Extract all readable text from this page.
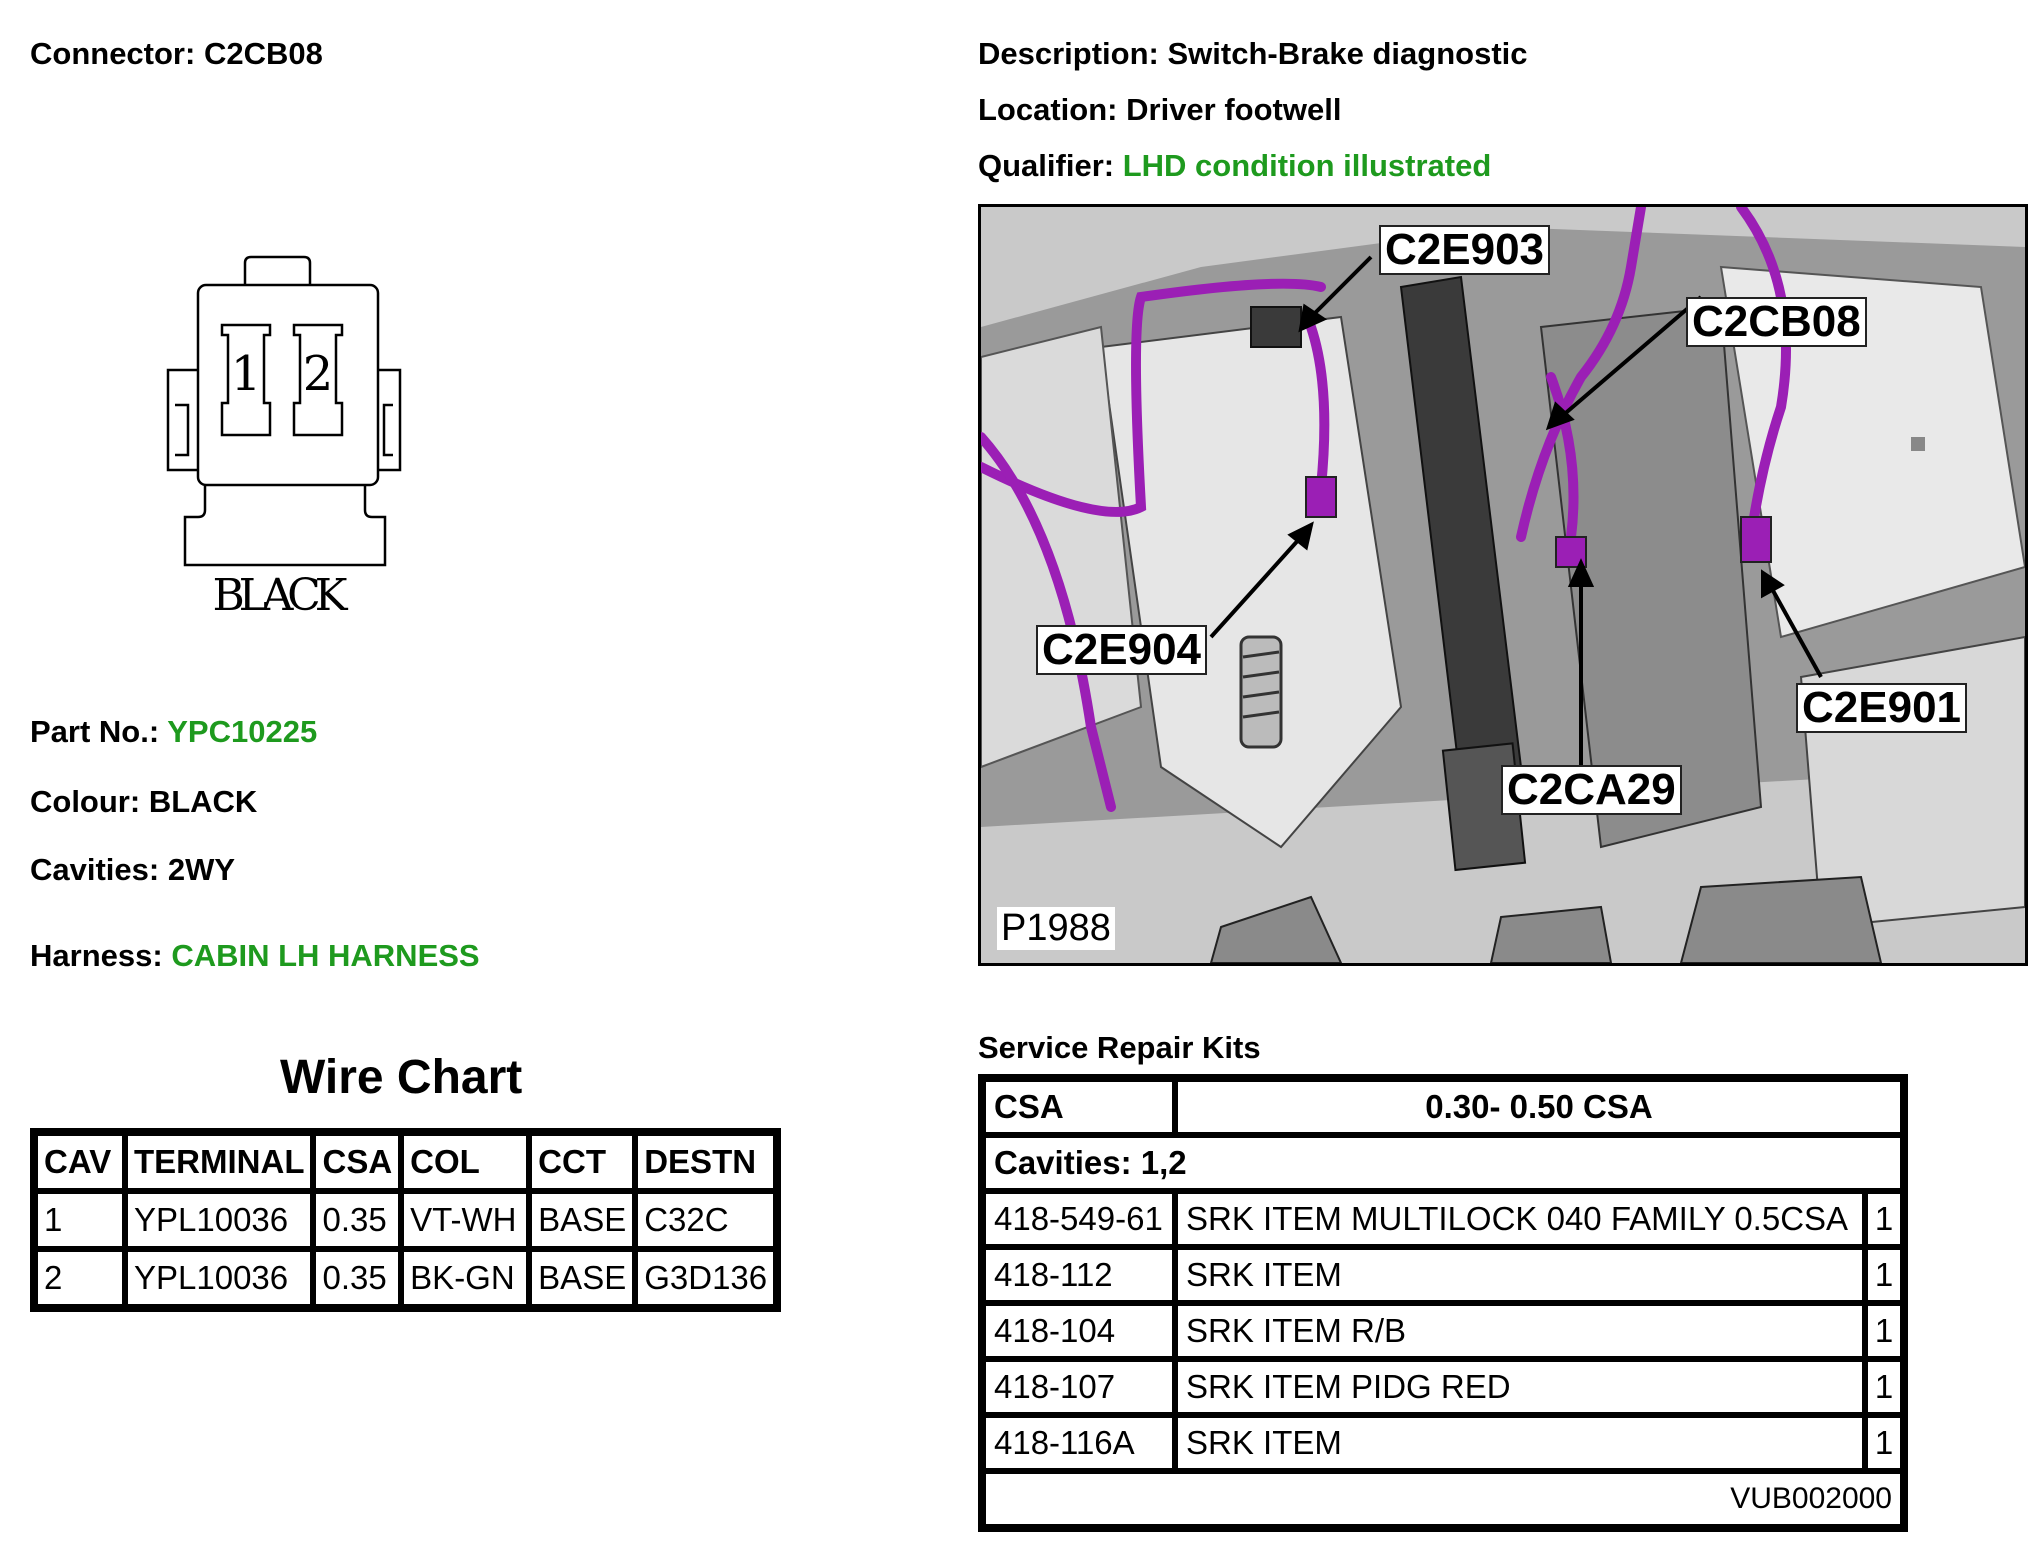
Connector: C2CB08
1 2
BLACK
Part No.: YPC10225
Colour: BLACK
Cavities: 2WY
Harness: CABIN LH HARNESS
Wire Chart
CAV	TERMINAL	CSA	COL	CCT	DESTN
1	YPL10036	0.35	VT-WH	BASE	C32C
2	YPL10036	0.35	BK-GN	BASE	G3D136
Description: Switch-Brake diagnostic
Location: Driver footwell
Qualifier: LHD condition illustrated
C2E903
C2CB08
C2E904
C2E901
C2CA29
P1988
Service Repair Kits
CSA	0.30- 0.50 CSA	
Cavities: 1,2		
418-549-61	SRK ITEM MULTILOCK 040 FAMILY 0.5CSA	1
418-112	SRK ITEM	1
418-104	SRK ITEM R/B	1
418-107	SRK ITEM PIDG RED	1
418-116A	SRK ITEM	1
VUB002000		
